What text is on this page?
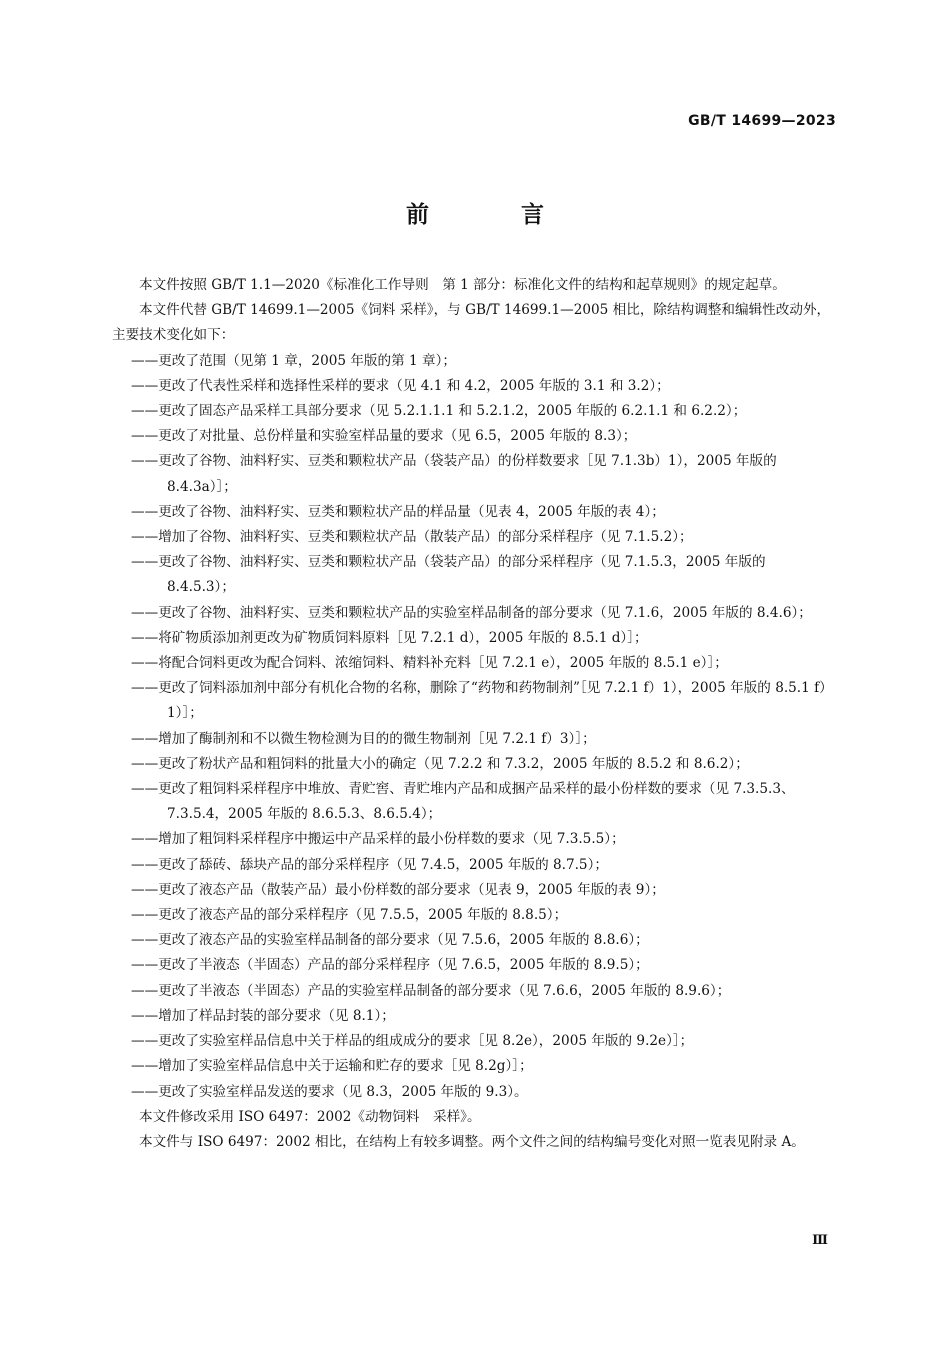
GB/T 14699—2023
前 言

本文件按照 GB/T 1.1—2020《标准化工作导则　第 1 部分：标准化文件的结构和起草规则》的规定起草。

本文件代替 GB/T 14699.1—2005《饲料 采样》，与 GB/T 14699.1—2005 相比，除结构调整和编辑性改动外，主要技术变化如下：

——更改了范围（见第 1 章，2005 年版的第 1 章）；

——更改了代表性采样和选择性采样的要求（见 4.1 和 4.2，2005 年版的 3.1 和 3.2）；

——更改了固态产品采样工具部分要求（见 5.2.1.1.1 和 5.2.1.2，2005 年版的 6.2.1.1 和 6.2.2）；

——更改了对批量、总份样量和实验室样品量的要求（见 6.5，2005 年版的 8.3）；

——更改了谷物、油料籽实、豆类和颗粒状产品（袋装产品）的份样数要求［见 7.1.3b）1），2005 年版的 8.4.3a）］；

——更改了谷物、油料籽实、豆类和颗粒状产品的样品量（见表 4，2005 年版的表 4）；

——增加了谷物、油料籽实、豆类和颗粒状产品（散装产品）的部分采样程序（见 7.1.5.2）；

——更改了谷物、油料籽实、豆类和颗粒状产品（袋装产品）的部分采样程序（见 7.1.5.3，2005 年版的 8.4.5.3）；

——更改了谷物、油料籽实、豆类和颗粒状产品的实验室样品制备的部分要求（见 7.1.6，2005 年版的 8.4.6）；

——将矿物质添加剂更改为矿物质饲料原料［见 7.2.1 d），2005 年版的 8.5.1 d）］；

——将配合饲料更改为配合饲料、浓缩饲料、精料补充料［见 7.2.1 e），2005 年版的 8.5.1 e）］；

——更改了饲料添加剂中部分有机化合物的名称，删除了“药物和药物制剂”［见 7.2.1 f）1），2005 年版的 8.5.1 f）1）］；

——增加了酶制剂和不以微生物检测为目的的微生物制剂［见 7.2.1 f）3）］；

——更改了粉状产品和粗饲料的批量大小的确定（见 7.2.2 和 7.3.2，2005 年版的 8.5.2 和 8.6.2）；

——更改了粗饲料采样程序中堆放、青贮窖、青贮堆内产品和成捆产品采样的最小份样数的要求（见 7.3.5.3、7.3.5.4，2005 年版的 8.6.5.3、8.6.5.4）；

——增加了粗饲料采样程序中搬运中产品采样的最小份样数的要求（见 7.3.5.5）；

——更改了舔砖、舔块产品的部分采样程序（见 7.4.5，2005 年版的 8.7.5）；

——更改了液态产品（散装产品）最小份样数的部分要求（见表 9，2005 年版的表 9）；

——更改了液态产品的部分采样程序（见 7.5.5，2005 年版的 8.8.5）；

——更改了液态产品的实验室样品制备的部分要求（见 7.5.6，2005 年版的 8.8.6）；

——更改了半液态（半固态）产品的部分采样程序（见 7.6.5，2005 年版的 8.9.5）；

——更改了半液态（半固态）产品的实验室样品制备的部分要求（见 7.6.6，2005 年版的 8.9.6）；

——增加了样品封装的部分要求（见 8.1）；

——更改了实验室样品信息中关于样品的组成成分的要求［见 8.2e），2005 年版的 9.2e）］；

——增加了实验室样品信息中关于运输和贮存的要求［见 8.2g）］；

——更改了实验室样品发送的要求（见 8.3，2005 年版的 9.3）。

本文件修改采用 ISO 6497：2002《动物饲料　采样》。

本文件与 ISO 6497：2002 相比，在结构上有较多调整。两个文件之间的结构编号变化对照一览表见附录 A。

Ⅲ
